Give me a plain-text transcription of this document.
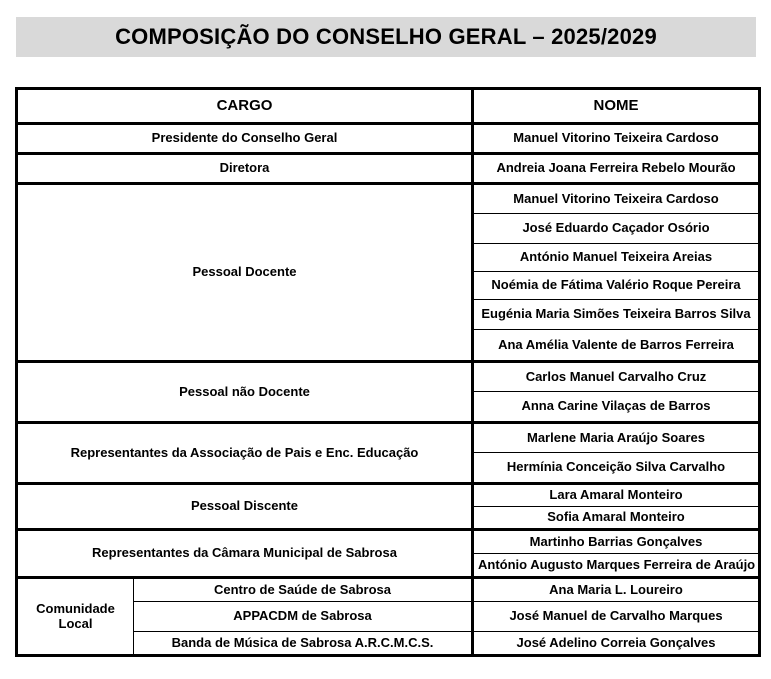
COMPOSIÇÃO DO CONSELHO GERAL – 2025/2029
CARGO		NOME
Presidente do Conselho Geral		Manuel Vitorino Teixeira Cardoso
Diretora		Andreia Joana Ferreira Rebelo Mourão
Pessoal Docente		Manuel Vitorino Teixeira Cardoso
		José Eduardo Caçador Osório
		António Manuel Teixeira Areias
		Noémia de Fátima Valério Roque Pereira
		Eugénia Maria Simões Teixeira Barros Silva
		Ana Amélia Valente de Barros Ferreira
Pessoal não Docente		Carlos Manuel Carvalho Cruz
		Anna Carine Vilaças de Barros
Representantes da Associação de Pais e Enc. Educação		Marlene Maria Araújo Soares
		Hermínia Conceição Silva Carvalho
Pessoal Discente		Lara Amaral Monteiro
		Sofia Amaral Monteiro
Representantes da Câmara Municipal de Sabrosa		Martinho Barrias Gonçalves
		António Augusto Marques Ferreira de Araújo
Comunidade Local	Centro de Saúde de Sabrosa	Ana Maria L. Loureiro
	APPACDM de Sabrosa	José Manuel de Carvalho Marques
	Banda de Música de Sabrosa A.R.C.M.C.S.	José Adelino Correia Gonçalves
